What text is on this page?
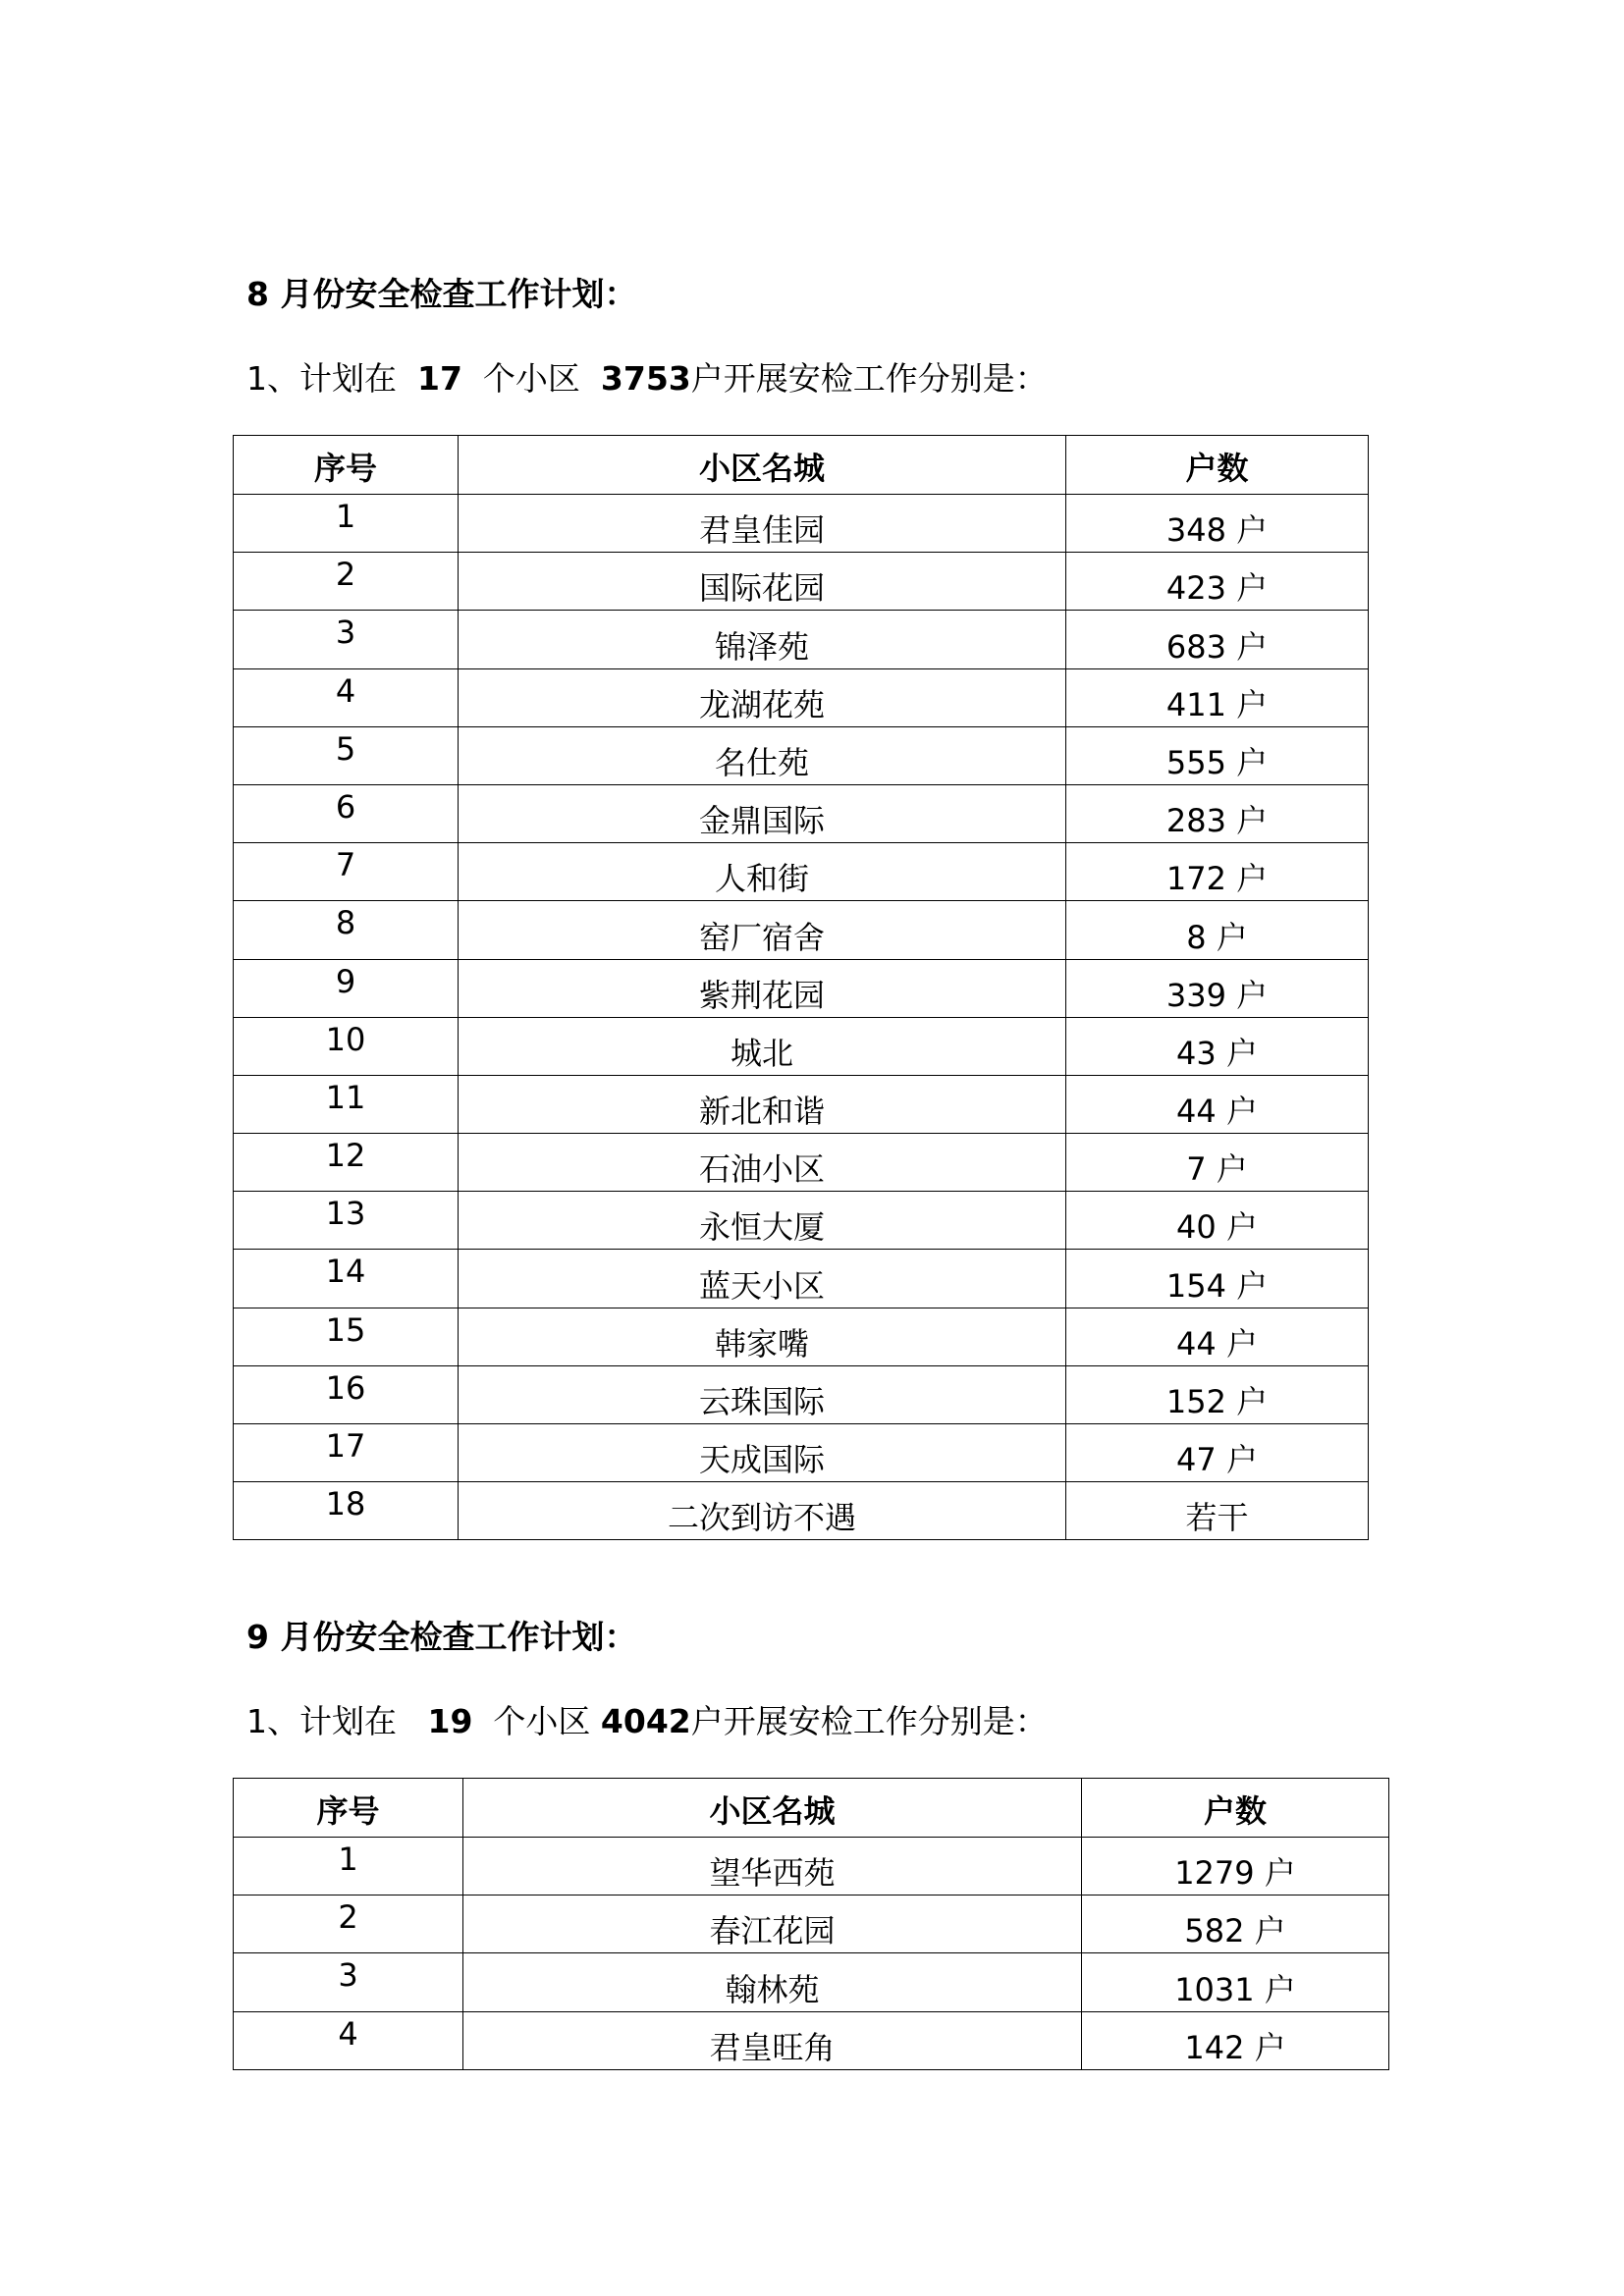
8 月份安全检查工作计划：
1、计划在 17 个小区 3753户开展安检工作分别是：
序号	小区名城	户数
1	君皇佳园	348 户
2	国际花园	423 户
3	锦泽苑	683 户
4	龙湖花苑	411 户
5	名仕苑	555 户
6	金鼎国际	283 户
7	人和街	172 户
8	窑厂宿舍	8 户
9	紫荆花园	339 户
10	城北	43 户
11	新北和谐	44 户
12	石油小区	7 户
13	永恒大厦	40 户
14	蓝天小区	154 户
15	韩家嘴	44 户
16	云珠国际	152 户
17	天成国际	47 户
18	二次到访不遇	若干
9 月份安全检查工作计划：
1、计划在 19 个小区 4042户开展安检工作分别是：
序号	小区名城	户数
1	望华西苑	1279 户
2	春江花园	582 户
3	翰林苑	1031 户
4	君皇旺角	142 户
